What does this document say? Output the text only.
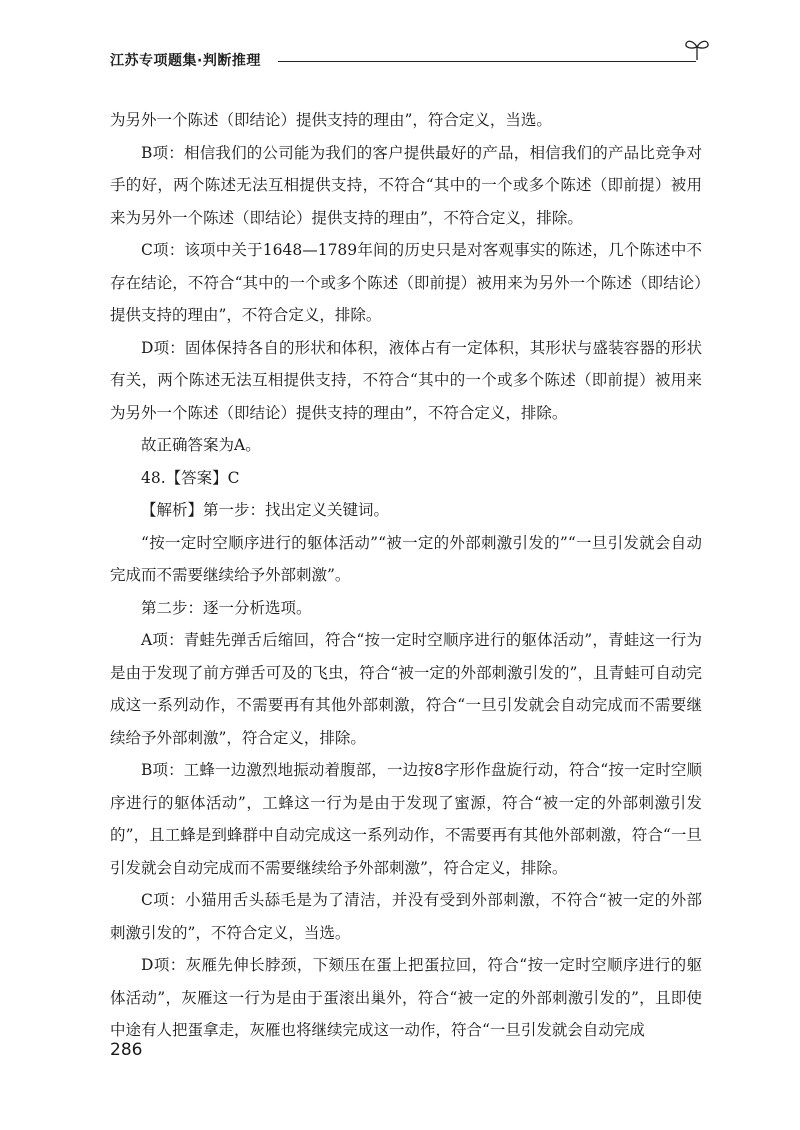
江苏专项题集·判断推理

为另外一个陈述（即结论）提供支持的理由”，符合定义，当选。

B项：相信我们的公司能为我们的客户提供最好的产品，相信我们的产品比竞争对手的好，两个陈述无法互相提供支持，不符合“其中的一个或多个陈述（即前提）被用来为另外一个陈述（即结论）提供支持的理由”，不符合定义，排除。

C项：该项中关于1648—1789年间的历史只是对客观事实的陈述，几个陈述中不存在结论，不符合“其中的一个或多个陈述（即前提）被用来为另外一个陈述（即结论）提供支持的理由”，不符合定义，排除。

D项：固体保持各自的形状和体积，液体占有一定体积，其形状与盛装容器的形状有关，两个陈述无法互相提供支持，不符合“其中的一个或多个陈述（即前提）被用来为另外一个陈述（即结论）提供支持的理由”，不符合定义，排除。

故正确答案为A。

48.【答案】C

【解析】第一步：找出定义关键词。

“按一定时空顺序进行的躯体活动”“被一定的外部刺激引发的”“一旦引发就会自动完成而不需要继续给予外部刺激”。

第二步：逐一分析选项。

A项：青蛙先弹舌后缩回，符合“按一定时空顺序进行的躯体活动”，青蛙这一行为是由于发现了前方弹舌可及的飞虫，符合“被一定的外部刺激引发的”，且青蛙可自动完成这一系列动作，不需要再有其他外部刺激，符合“一旦引发就会自动完成而不需要继续给予外部刺激”，符合定义，排除。

B项：工蜂一边激烈地振动着腹部，一边按8字形作盘旋行动，符合“按一定时空顺序进行的躯体活动”，工蜂这一行为是由于发现了蜜源，符合“被一定的外部刺激引发的”，且工蜂是到蜂群中自动完成这一系列动作，不需要再有其他外部刺激，符合“一旦引发就会自动完成而不需要继续给予外部刺激”，符合定义，排除。

C项：小猫用舌头舔毛是为了清洁，并没有受到外部刺激，不符合“被一定的外部刺激引发的”，不符合定义，当选。

D项：灰雁先伸长脖颈，下颏压在蛋上把蛋拉回，符合“按一定时空顺序进行的躯体活动”，灰雁这一行为是由于蛋滚出巢外，符合“被一定的外部刺激引发的”，且即使中途有人把蛋拿走，灰雁也将继续完成这一动作，符合“一旦引发就会自动完成

286
